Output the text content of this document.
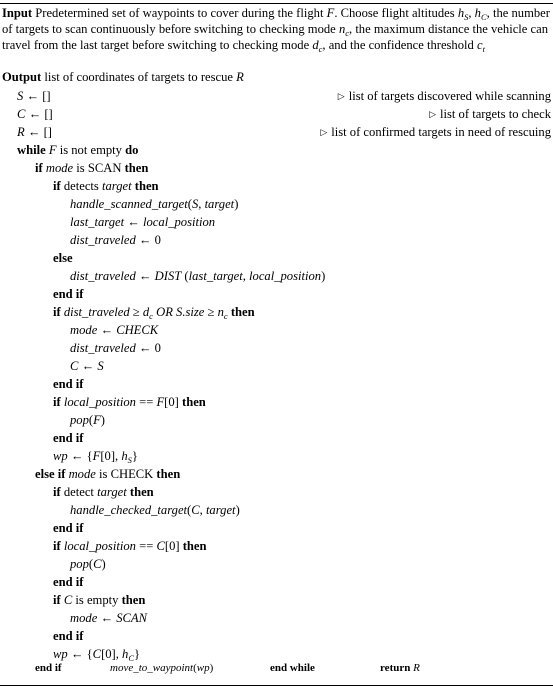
Input Predetermined set of waypoints to cover during the flight F. Choose flight altitudes $h_S$, $h_C$, the number of targets to scan continuously before switching to checking mode $n_c$, the maximum distance the vehicle can travel from the last target before switching to checking mode $d_c$, and the confidence threshold $c_t$
Output list of coordinates of targets to rescue R
S ← []	▷ list of targets discovered while scanning
C ← []	▷ list of targets to check
R ← []	▷ list of confirmed targets in need of rescuing
while F is not empty do
if mode is SCAN then
if detects target then
handle_scanned_target(S, target)
last_target ← local_position
dist_traveled ← 0
else
dist_traveled ← DIST (last_target, local_position)
end if
if dist_traveled ≥ $d_c$ OR S.size ≥ $n_c$ then
mode ← CHECK
dist_traveled ← 0
C ← S
end if
if local_position == F[0] then
pop(F)
end if
wp ← {F[0], $h_S$}
else if mode is CHECK then
if detect target then
handle_checked_target(C, target)
end if
if local_position == C[0] then
pop(C)
end if
if C is empty then
mode ← SCAN
end if
wp ← {C[0], $h_C$}
end if	move_to_waypoint(wp)	end while	return R
